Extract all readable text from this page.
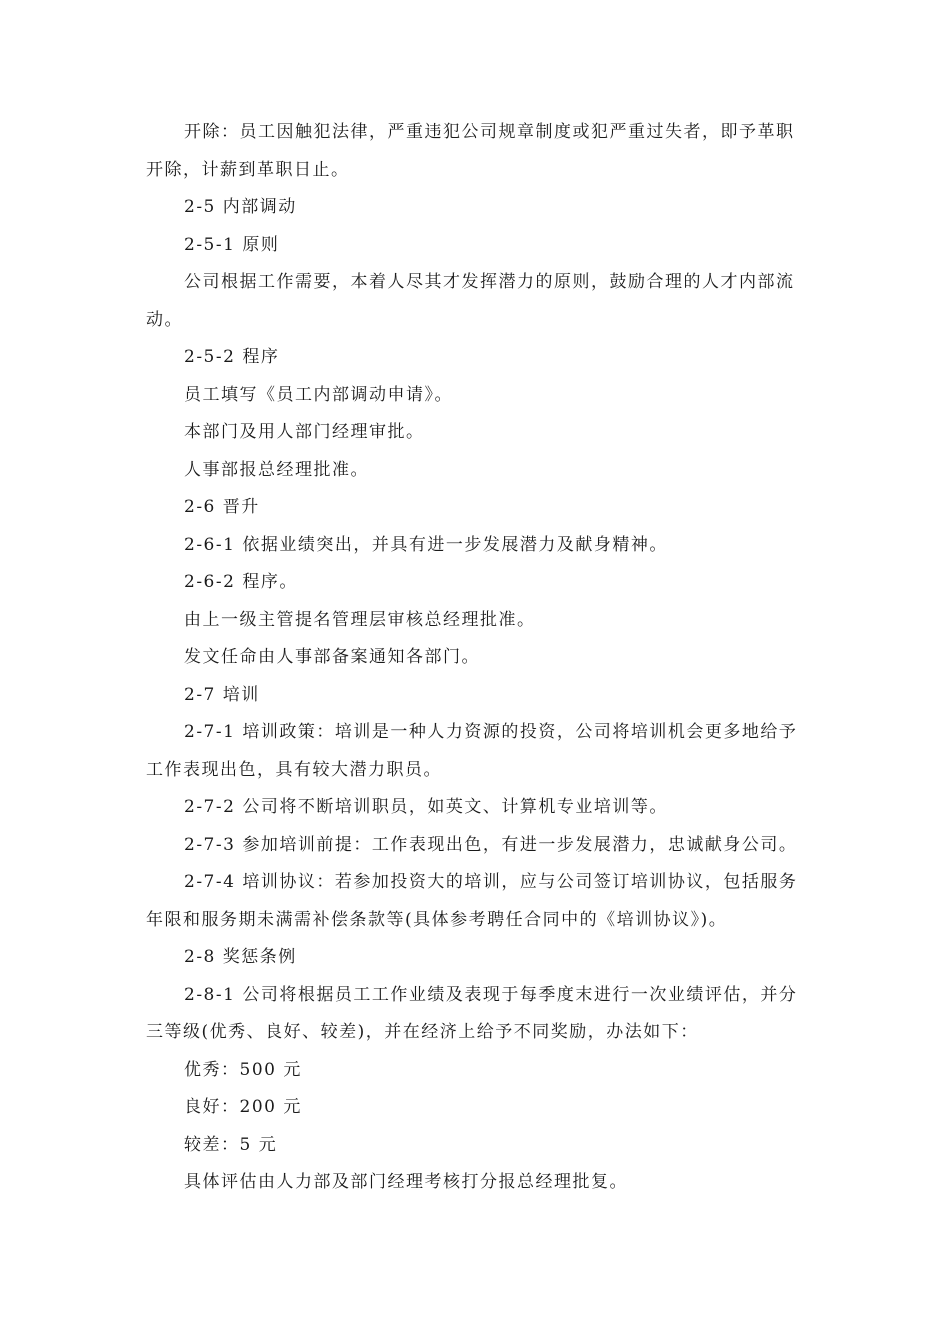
开除：员工因触犯法律，严重违犯公司规章制度或犯严重过失者，即予革职开除，计薪到革职日止。

2-5 内部调动

2-5-1 原则

公司根据工作需要，本着人尽其才发挥潜力的原则，鼓励合理的人才内部流动。

2-5-2 程序

员工填写《员工内部调动申请》。

本部门及用人部门经理审批。

人事部报总经理批准。

2-6 晋升

2-6-1 依据业绩突出，并具有进一步发展潜力及献身精神。

2-6-2 程序。

由上一级主管提名管理层审核总经理批准。

发文任命由人事部备案通知各部门。

2-7 培训

2-7-1 培训政策：培训是一种人力资源的投资，公司将培训机会更多地给予工作表现出色，具有较大潜力职员。

2-7-2 公司将不断培训职员，如英文、计算机专业培训等。

2-7-3 参加培训前提：工作表现出色，有进一步发展潜力，忠诚献身公司。

2-7-4 培训协议：若参加投资大的培训，应与公司签订培训协议，包括服务年限和服务期未满需补偿条款等(具体参考聘任合同中的《培训协议》)。

2-8 奖惩条例

2-8-1 公司将根据员工工作业绩及表现于每季度末进行一次业绩评估，并分三等级(优秀、良好、较差)，并在经济上给予不同奖励，办法如下：

优秀：500 元

良好：200 元

较差：5 元

具体评估由人力部及部门经理考核打分报总经理批复。
